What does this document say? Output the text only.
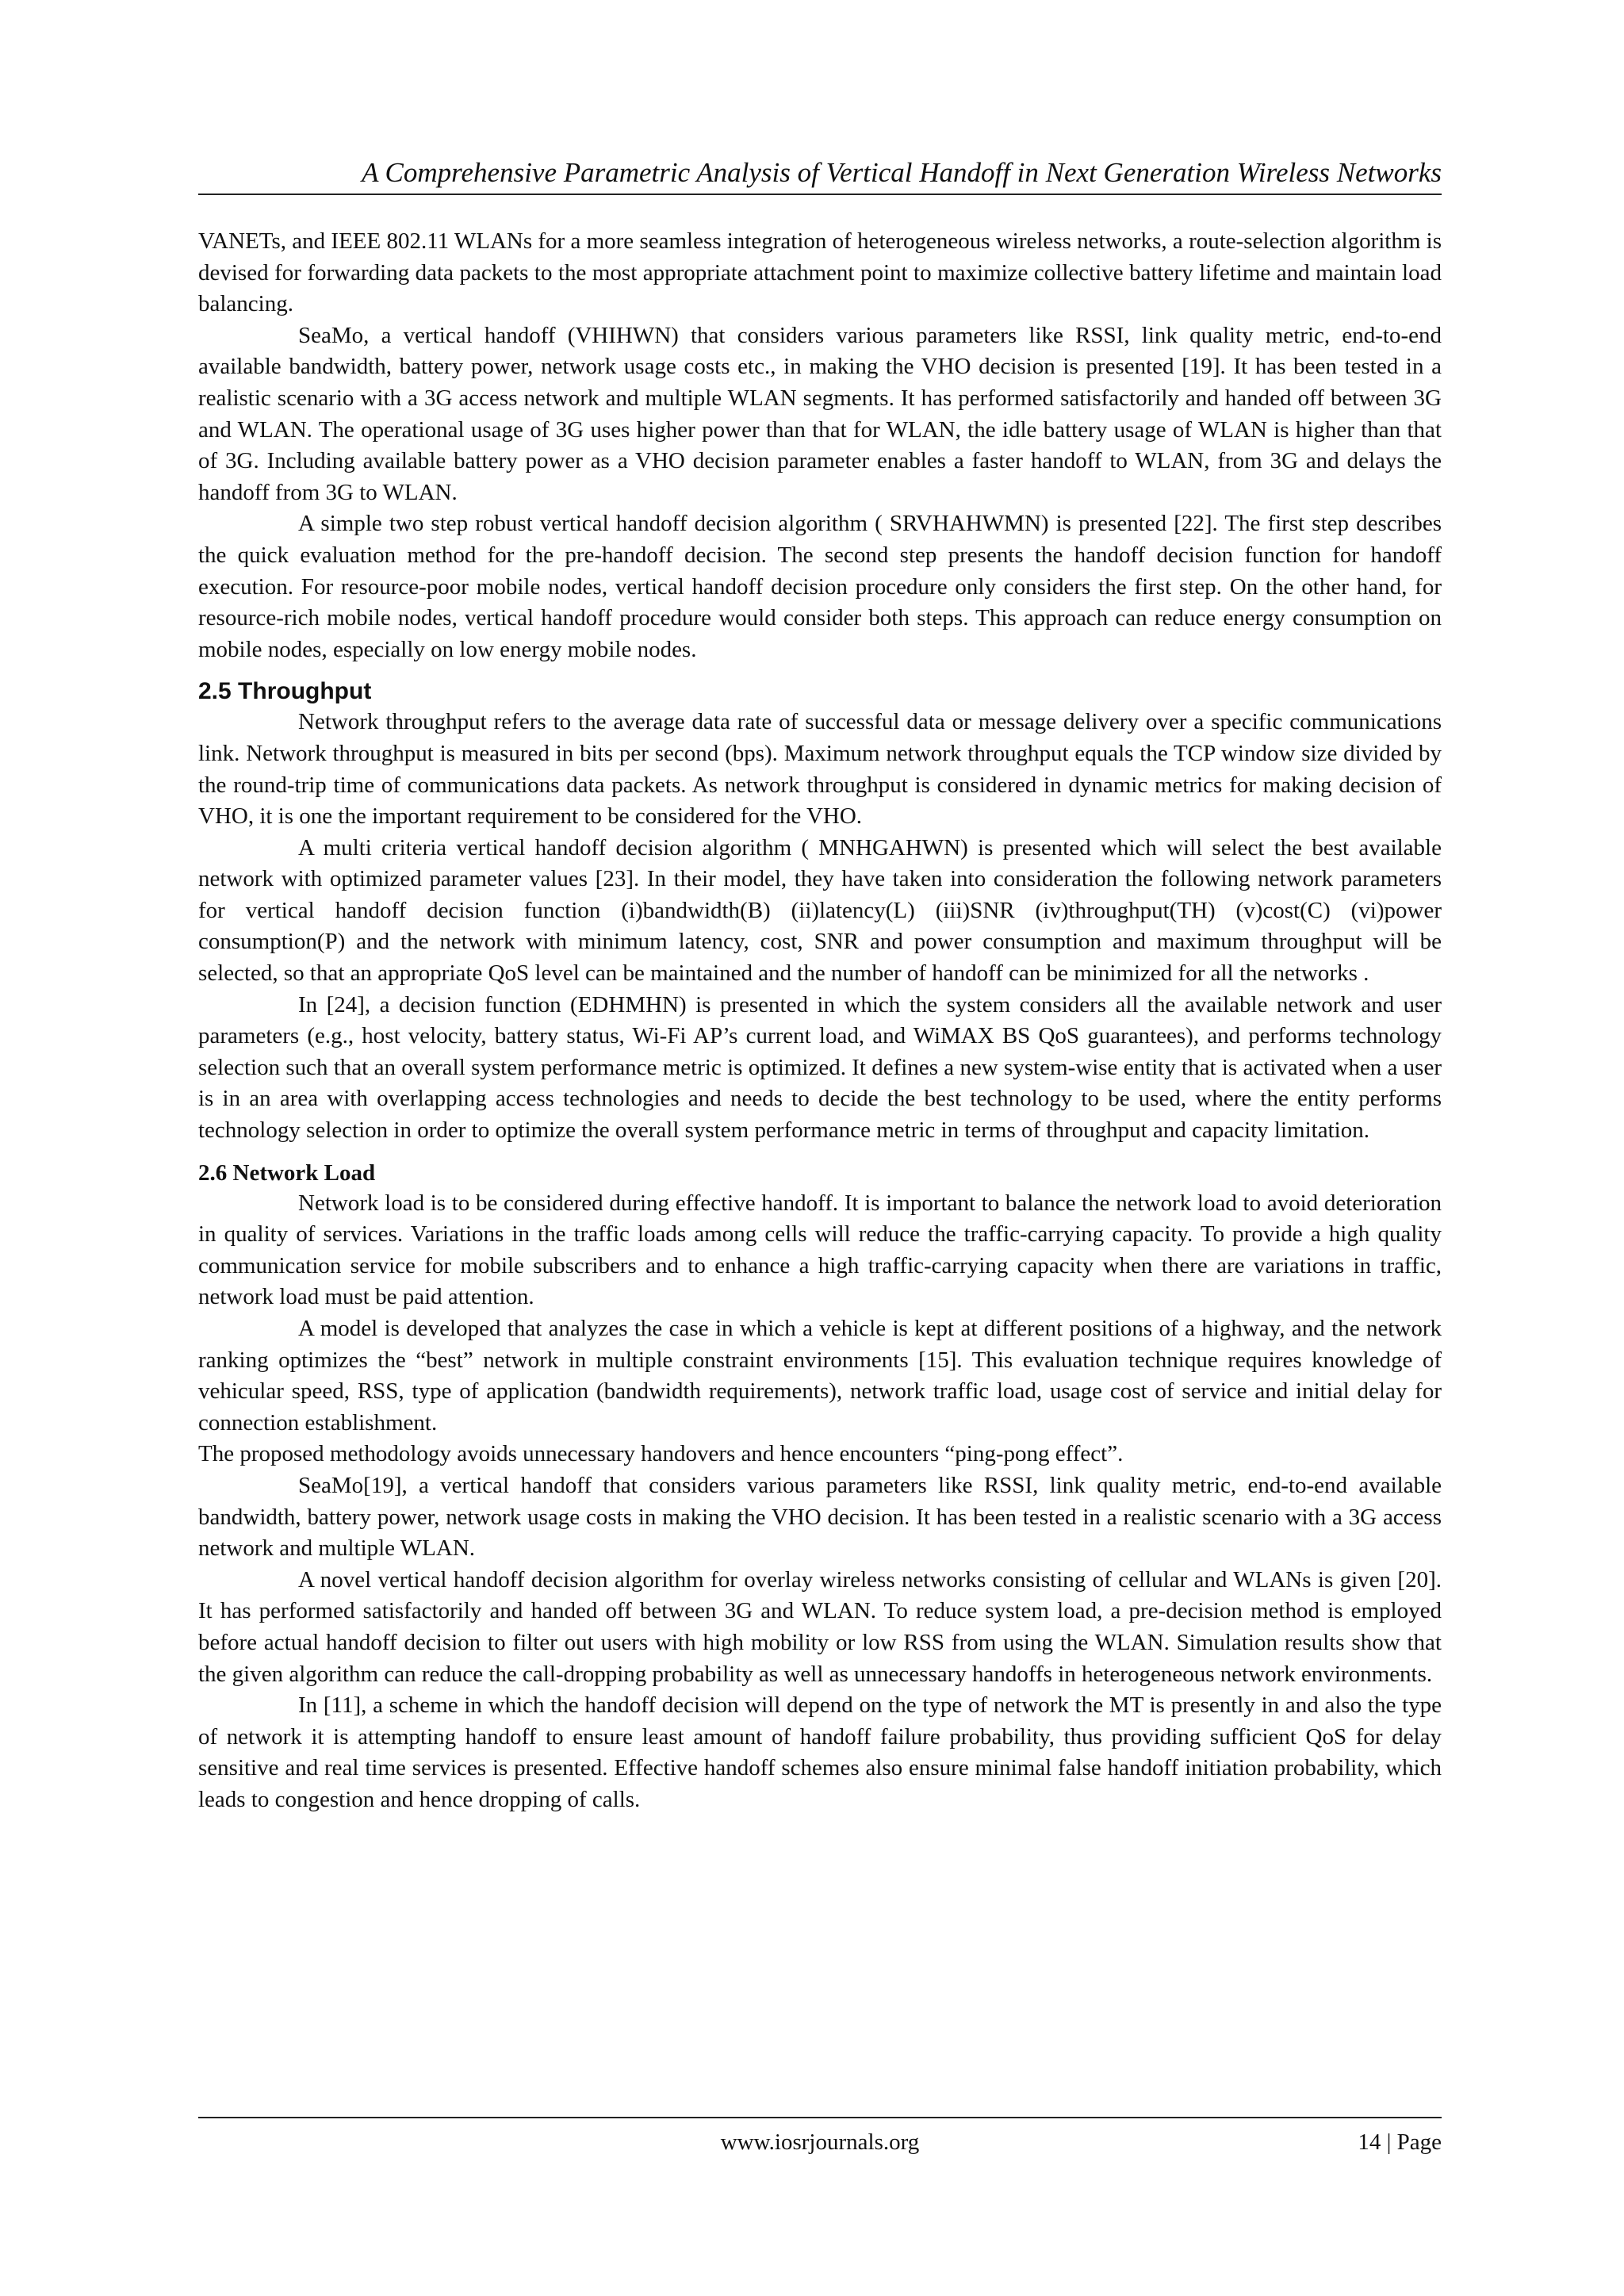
A Comprehensive Parametric Analysis of Vertical Handoff in Next Generation Wireless Networks

VANETs, and IEEE 802.11 WLANs for a more seamless integration of heterogeneous wireless networks, a route-selection algorithm is devised for forwarding data packets to the most appropriate attachment point to maximize collective battery lifetime and maintain load balancing.

SeaMo, a vertical handoff (VHIHWN) that considers various parameters like RSSI, link quality metric, end-to-end available bandwidth, battery power, network usage costs etc., in making the VHO decision is presented [19]. It has been tested in a realistic scenario with a 3G access network and multiple WLAN segments. It has performed satisfactorily and handed off between 3G and WLAN. The operational usage of 3G uses higher power than that for WLAN, the idle battery usage of WLAN is higher than that of 3G. Including available battery power as a VHO decision parameter enables a faster handoff to WLAN, from 3G and delays the handoff from 3G to WLAN.

A simple two step robust vertical handoff decision algorithm ( SRVHAHWMN) is presented [22]. The first step describes the quick evaluation method for the pre-handoff decision. The second step presents the handoff decision function for handoff execution. For resource-poor mobile nodes, vertical handoff decision procedure only considers the first step. On the other hand, for resource-rich mobile nodes, vertical handoff procedure would consider both steps. This approach can reduce energy consumption on mobile nodes, especially on low energy mobile nodes.

2.5 Throughput

Network throughput refers to the average data rate of successful data or message delivery over a specific communications link. Network throughput is measured in bits per second (bps). Maximum network throughput equals the TCP window size divided by the round-trip time of communications data packets. As network throughput is considered in dynamic metrics for making decision of VHO, it is one the important requirement to be considered for the VHO.

A multi criteria vertical handoff decision algorithm ( MNHGAHWN) is presented which will select the best available network with optimized parameter values [23]. In their model, they have taken into consideration the following network parameters for vertical handoff decision function (i)bandwidth(B) (ii)latency(L) (iii)SNR (iv)throughput(TH) (v)cost(C) (vi)power consumption(P) and the network with minimum latency, cost, SNR and power consumption and maximum throughput will be selected, so that an appropriate QoS level can be maintained and the number of handoff can be minimized for all the networks .

In [24], a decision function (EDHMHN) is presented in which the system considers all the available network and user parameters (e.g., host velocity, battery status, Wi-Fi AP’s current load, and WiMAX BS QoS guarantees), and performs technology selection such that an overall system performance metric is optimized. It defines a new system-wise entity that is activated when a user is in an area with overlapping access technologies and needs to decide the best technology to be used, where the entity performs technology selection in order to optimize the overall system performance metric in terms of throughput and capacity limitation.

2.6 Network Load

Network load is to be considered during effective handoff. It is important to balance the network load to avoid deterioration in quality of services. Variations in the traffic loads among cells will reduce the traffic-carrying capacity. To provide a high quality communication service for mobile subscribers and to enhance a high traffic-carrying capacity when there are variations in traffic, network load must be paid attention.

A model is developed that analyzes the case in which a vehicle is kept at different positions of a highway, and the network ranking optimizes the “best” network in multiple constraint environments [15]. This evaluation technique requires knowledge of vehicular speed, RSS, type of application (bandwidth requirements), network traffic load, usage cost of service and initial delay for connection establishment.

The proposed methodology avoids unnecessary handovers and hence encounters “ping-pong effect”.

SeaMo[19], a vertical handoff that considers various parameters like RSSI, link quality metric, end-to-end available bandwidth, battery power, network usage costs in making the VHO decision. It has been tested in a realistic scenario with a 3G access network and multiple WLAN.

A novel vertical handoff decision algorithm for overlay wireless networks consisting of cellular and WLANs is given [20]. It has performed satisfactorily and handed off between 3G and WLAN. To reduce system load, a pre-decision method is employed before actual handoff decision to filter out users with high mobility or low RSS from using the WLAN. Simulation results show that the given algorithm can reduce the call-dropping probability as well as unnecessary handoffs in heterogeneous network environments.

In [11], a scheme in which the handoff decision will depend on the type of network the MT is presently in and also the type of network it is attempting handoff to ensure least amount of handoff failure probability, thus providing sufficient QoS for delay sensitive and real time services is presented. Effective handoff schemes also ensure minimal false handoff initiation probability, which leads to congestion and hence dropping of calls.

www.iosrjournals.org	14 | Page
